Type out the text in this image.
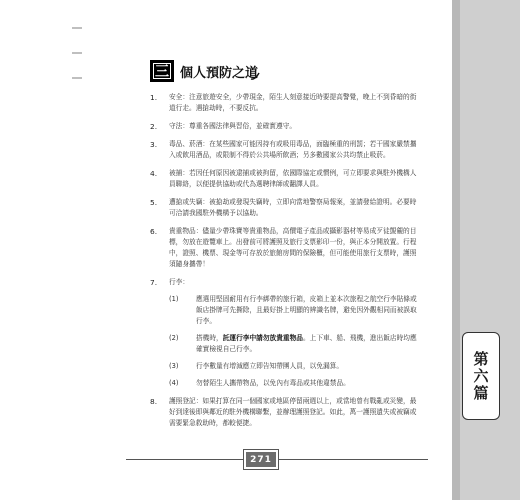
第六篇
三 個人預防之道
1. 安全：注意旅遊安全，少帶現金，陌生人刻意接近時要提高警覺，晚上不到昏暗的街道行走。遇搶劫時，不要反抗。
2. 守法：尊重各國法律與習俗，並確實遵守。
3. 毒品、菸酒：在某些國家可能因持有或吸用毒品，面臨極重的刑罰；若干國家嚴禁攜入或飲用酒品，或限制不得於公共場所飲酒；另多數國家公共均禁止吸菸。
4. 被捕：若因任何原因被逮捕或被拘留，依國際協定或慣例，可立即要求與駐外機構人員聯絡，以便提供協助或代為選聘律師或翻譯人員。
5. 遭搶或失竊：被搶劫或發現失竊時，立即向當地警察局報案，並請發給證明。必要時可洽請我國駐外機構予以協助。
6. 貴重物品：儘量少帶珠寶等貴重物品，高價電子產品或攝影器材等易成歹徒覬覦的目標，勿放在遊覽車上。出發前可將護照及旅行支票影印一份，與正本分開放置。行程中，證照、機票、現金等可存放於旅館房間的保險櫃，但可能使用旅行支票時，護照須隨身攜帶！
7. 行李：
(1)	應選用堅固耐用有行李綁帶的旅行箱，皮箱上並本次旅程之航空行李貼條或飯店掛牌可先撕除，且最好掛上明顯的辨識名牌，避免因外觀相同而被誤取行李。
(2)	搭機時，託運行李中請勿放貴重物品。上下車、船、飛機，進出飯店時均應確實檢視自己行李。
(3)	行李數量有增減應立即告知帶團人員，以免漏算。
(4)	勿替陌生人攜帶物品，以免內有毒品或其他違禁品。
8. 護照登記：如果打算在同一個國家或地區停留兩週以上，或當地曾有戰亂或災變，最好到達後即與鄰近的駐外機構聯繫，並辦理護照登記。如此，萬一護照遺失或被竊或需要緊急救助時，都較便捷。
271
